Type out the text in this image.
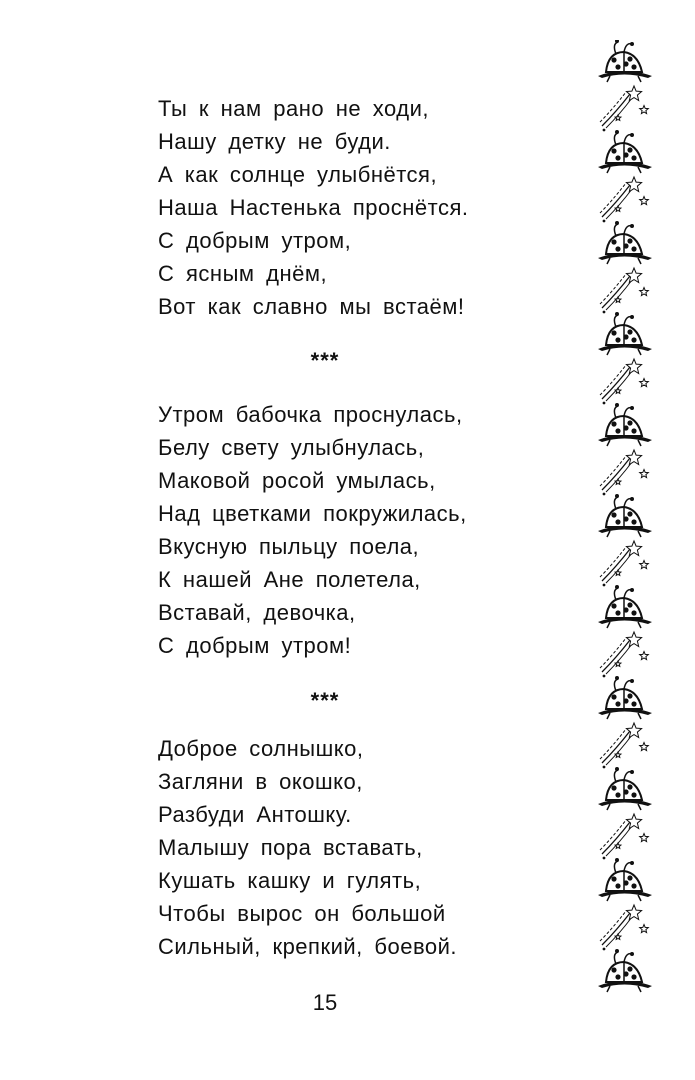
Ты к нам рано не ходи,
Нашу детку не буди.
А как солнце улыбнётся,
Наша Настенька проснётся.
С добрым утром,
С ясным днём,
Вот как славно мы встаём!
***
Утром бабочка проснулась,
Белу свету улыбнулась,
Маковой росой умылась,
Над цветками покружилась,
Вкусную пыльцу поела,
К нашей Ане полетела,
Вставай, девочка,
С добрым утром!
***
Доброе солнышко,
Загляни в окошко,
Разбуди Антошку.
Малышу пора вставать,
Кушать кашку и гулять,
Чтобы вырос он большой
Сильный, крепкий, боевой.
15
